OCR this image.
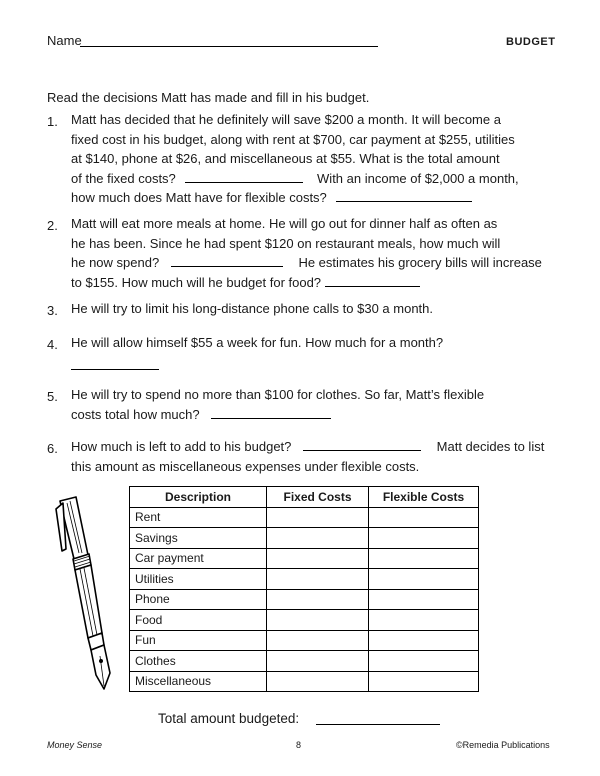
Name	BUDGET
Read the decisions Matt has made and fill in his budget.
1. Matt has decided that he definitely will save $200 a month. It will become a
fixed cost in his budget, along with rent at $700, car payment at $255, utilities
at $140, phone at $26, and miscellaneous at $55. What is the total amount
of the fixed costs?	With an income of $2,000 a month,
how much does Matt have for flexible costs?
2. Matt will eat more meals at home. He will go out for dinner half as often as
he has been. Since he had spent $120 on restaurant meals, how much will
he now spend?	He estimates his grocery bills will increase
to $155. How much will he budget for food?
3. He will try to limit his long-distance phone calls to $30 a month.
4. He will allow himself $55 a week for fun. How much for a month?
5. He will try to spend no more than $100 for clothes. So far, Matt’s flexible
costs total how much?
6. How much is left to add to his budget?	Matt decides to list
this amount as miscellaneous expenses under flexible costs.
Description	Fixed Costs	Flexible Costs
Rent		
Savings		
Car payment		
Utilities		
Phone		
Food		
Fun		
Clothes		
Miscellaneous		
Total amount budgeted:
Money Sense	8	©Remedia Publications
